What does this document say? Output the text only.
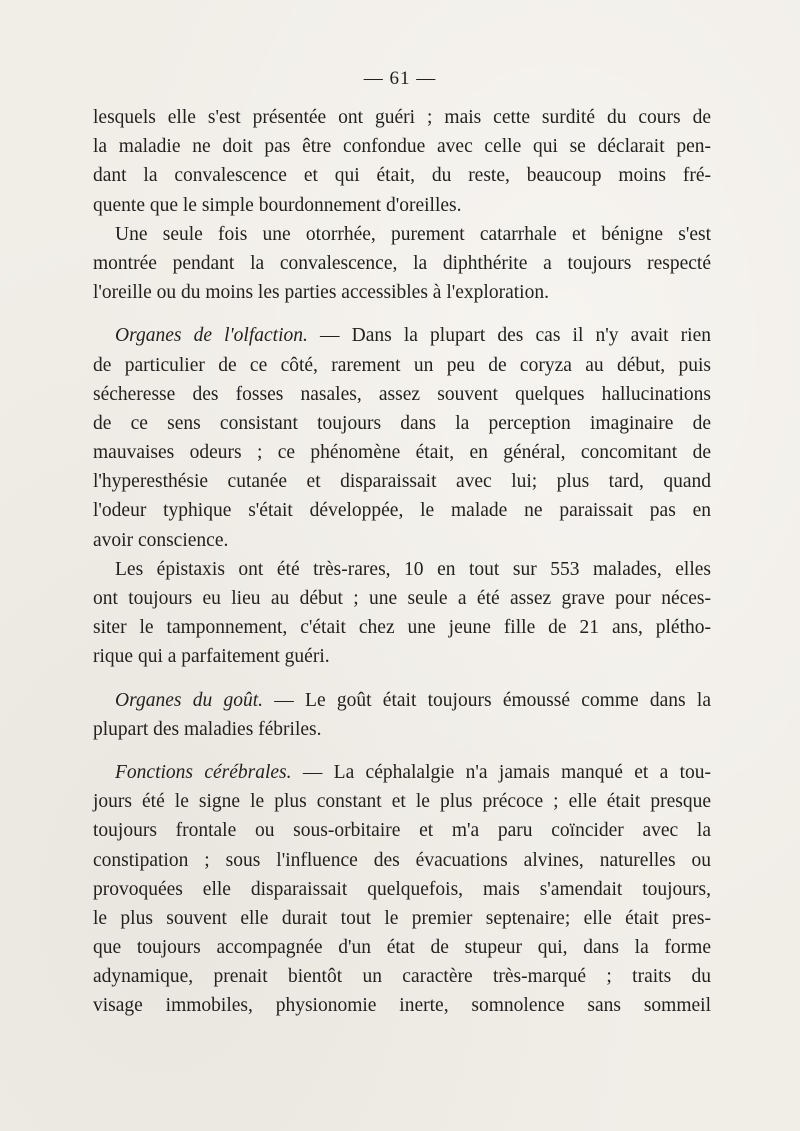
— 61 —
lesquels elle s'est présentée ont guéri ; mais cette surdité du cours de
la maladie ne doit pas être confondue avec celle qui se déclarait pen-
dant la convalescence et qui était, du reste, beaucoup moins fré-
quente que le simple bourdonnement d'oreilles.
Une seule fois une otorrhée, purement catarrhale et bénigne s'est
montrée pendant la convalescence, la diphthérite a toujours respecté
l'oreille ou du moins les parties accessibles à l'exploration.
Organes de l'olfaction. — Dans la plupart des cas il n'y avait rien
de particulier de ce côté, rarement un peu de coryza au début, puis
sécheresse des fosses nasales, assez souvent quelques hallucinations
de ce sens consistant toujours dans la perception imaginaire de
mauvaises odeurs ; ce phénomène était, en général, concomitant de
l'hyperesthésie cutanée et disparaissait avec lui; plus tard, quand
l'odeur typhique s'était développée, le malade ne paraissait pas en
avoir conscience.
Les épistaxis ont été très-rares, 10 en tout sur 553 malades, elles
ont toujours eu lieu au début ; une seule a été assez grave pour néces-
siter le tamponnement, c'était chez une jeune fille de 21 ans, plétho-
rique qui a parfaitement guéri.
Organes du goût. — Le goût était toujours émoussé comme dans la
plupart des maladies fébriles.
Fonctions cérébrales. — La céphalalgie n'a jamais manqué et a tou-
jours été le signe le plus constant et le plus précoce ; elle était presque
toujours frontale ou sous-orbitaire et m'a paru coïncider avec la
constipation ; sous l'influence des évacuations alvines, naturelles ou
provoquées elle disparaissait quelquefois, mais s'amendait toujours,
le plus souvent elle durait tout le premier septenaire; elle était pres-
que toujours accompagnée d'un état de stupeur qui, dans la forme
adynamique, prenait bientôt un caractère très-marqué ; traits du
visage immobiles, physionomie inerte, somnolence sans sommeil
